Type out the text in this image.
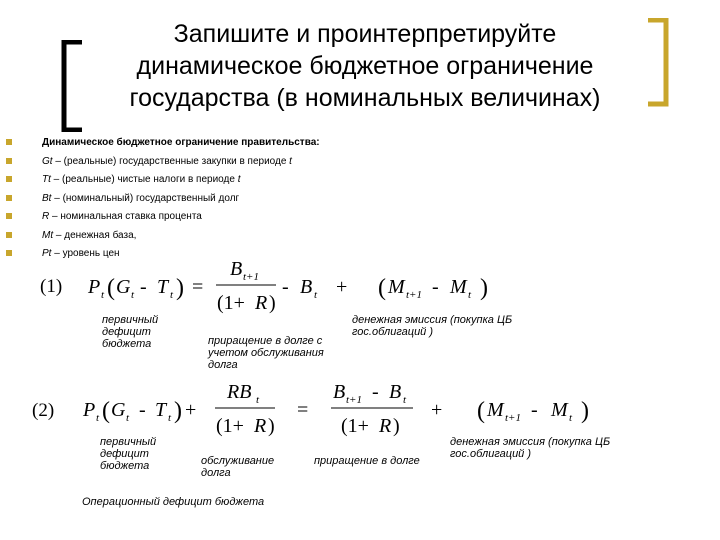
Запишите и проинтерпретируйте динамическое бюджетное ограничение государства (в номинальных величинах)
Динамическое бюджетное ограничение правительства:
Gt – (реальные) государственные закупки в периоде t
Tt – (реальные) чистые налоги в периоде t
Bt – (номинальный) государственный долг
R – номинальная ставка процента
Mt – денежная база,
Pt – уровень цен
(1) P t ( G t - T t ) =
B t+1
(1+ R )
- B t + ( M t+1 - M t )
первичный дефицит бюджета	приращение в долге с учетом обслуживания долга
денежная эмиссия (покупка ЦБ гос.облигаций )
(2) P t ( G t - T t ) +
RB t
(1+ R )
=
B t+1 - B t
(1+ R )
+ ( M t+1 - M t )
первичный дефицит бюджета	обслуживание долга
приращение в долге
денежная эмиссия (покупка ЦБ гос.облигаций )
Операционный дефицит бюджета
